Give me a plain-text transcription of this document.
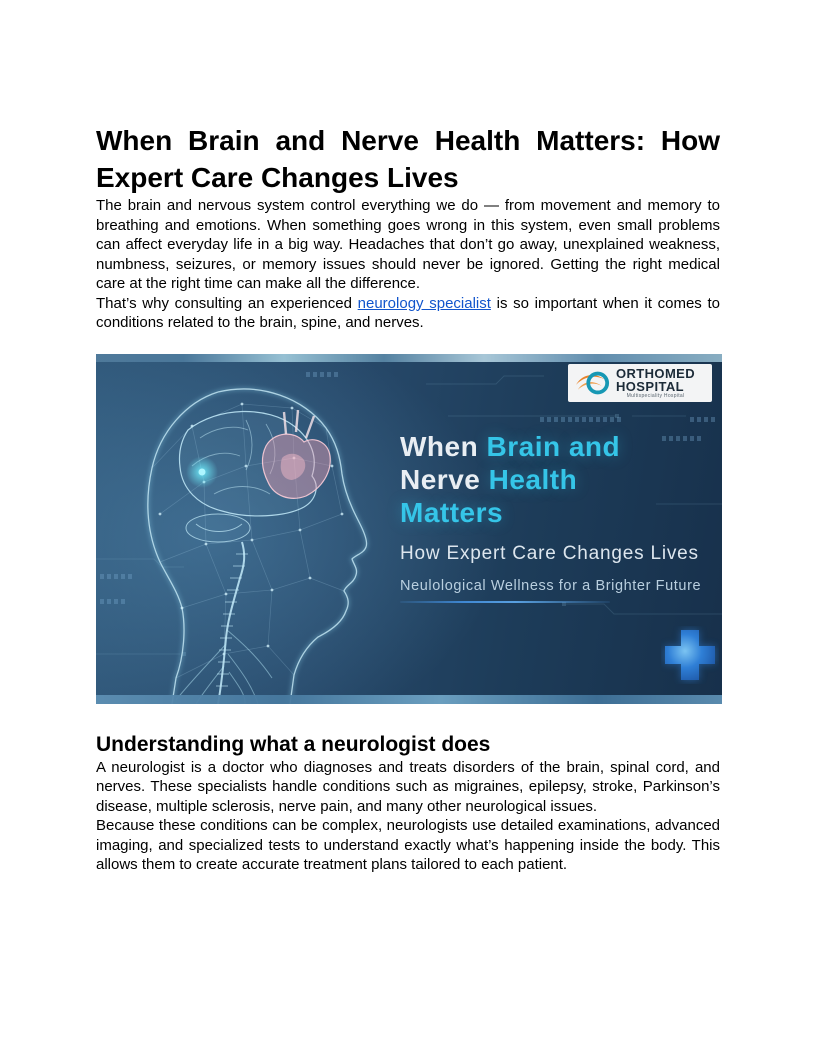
When Brain and Nerve Health Matters: How Expert Care Changes Lives

The brain and nervous system control everything we do — from movement and memory to breathing and emotions. When something goes wrong in this system, even small problems can affect everyday life in a big way. Headaches that don’t go away, unexplained weakness, numbness, seizures, or memory issues should never be ignored. Getting the right medical care at the right time can make all the difference.

That’s why consulting an experienced neurology specialist is so important when it comes to conditions related to the brain, spine, and nerves.

ORTHOMED
HOSPITAL
Multispeciality Hospital
When Brain and
Nerve Health
Matters
How Expert Care Changes Lives
Neulological Wellness for a Brighter Future
Understanding what a neurologist does

A neurologist is a doctor who diagnoses and treats disorders of the brain, spinal cord, and nerves. These specialists handle conditions such as migraines, epilepsy, stroke, Parkinson’s disease, multiple sclerosis, nerve pain, and many other neurological issues.

Because these conditions can be complex, neurologists use detailed examinations, advanced imaging, and specialized tests to understand exactly what’s happening inside the body. This allows them to create accurate treatment plans tailored to each patient.
